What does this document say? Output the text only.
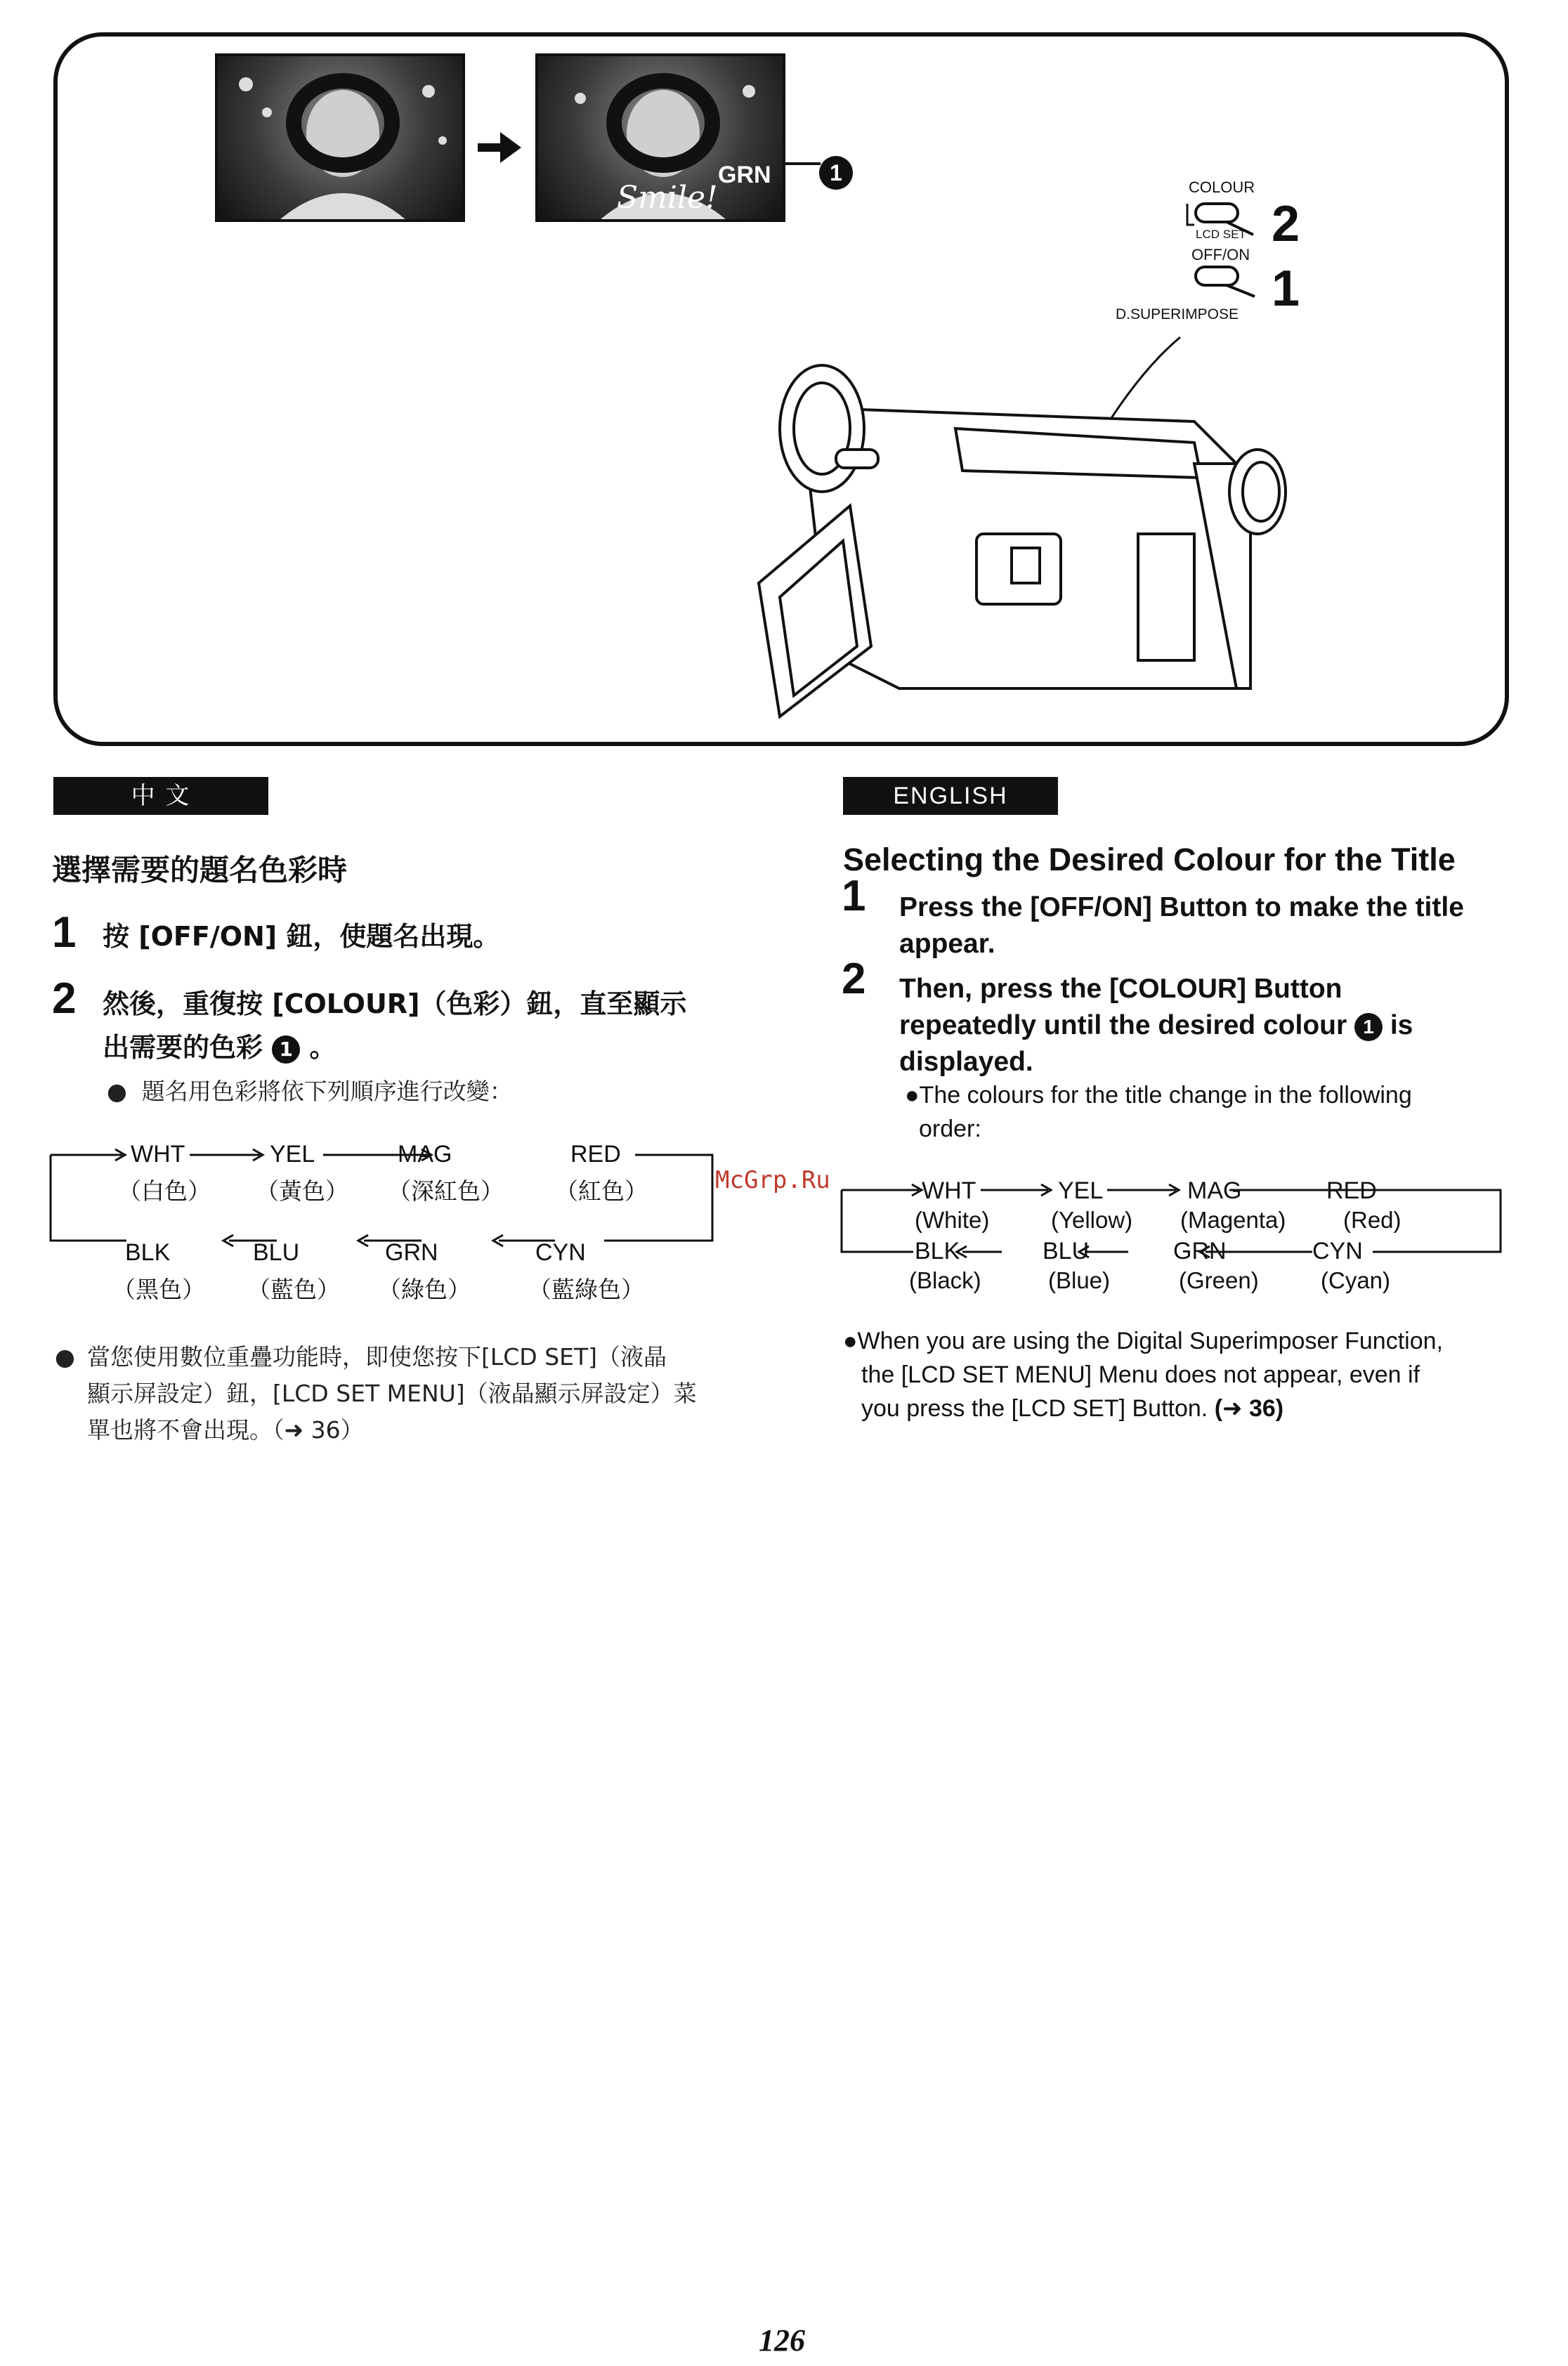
Smile!
GRN	1
COLOUR
LCD SET 2
OFF/ON
1
D.SUPERIMPOSE
中 文
選擇需要的題名色彩時
1 按 [OFF/ON] 鈕，使題名出現。
2 然後，重復按 [COLOUR]（色彩）鈕，直至顯示
出需要的色彩 1 。
●  題名用色彩將依下列順序進行改變：
WHT	YEL	MAG	RED
（白色） （黃色） （深紅色） （紅色）
BLK	BLU	GRN	CYN
（黑色） （藍色） （綠色） （藍綠色）
● 當您使用數位重疊功能時，即使您按下[LCD SET]（液晶
顯示屏設定）鈕，[LCD SET MENU]（液晶顯示屏設定）菜
單也將不會出現。（➜ 36）
McGrp.Ru
ENGLISH
Selecting the Desired Colour for the Title
1 Press the [OFF/ON] Button to make the title
appear.
2 Then, press the [COLOUR] Button
repeatedly until the desired colour 1 is
displayed.
●The colours for the title change in the following
order:
WHT	YEL	MAG	RED
(White)	(Yellow) (Magenta) (Red)
BLK	BLU	GRN	CYN
(Black)	(Blue)	(Green)	(Cyan)
●When you are using the Digital Superimposer Function,
the [LCD SET MENU] Menu does not appear, even if
you press the [LCD SET] Button. (➜ 36)
126
